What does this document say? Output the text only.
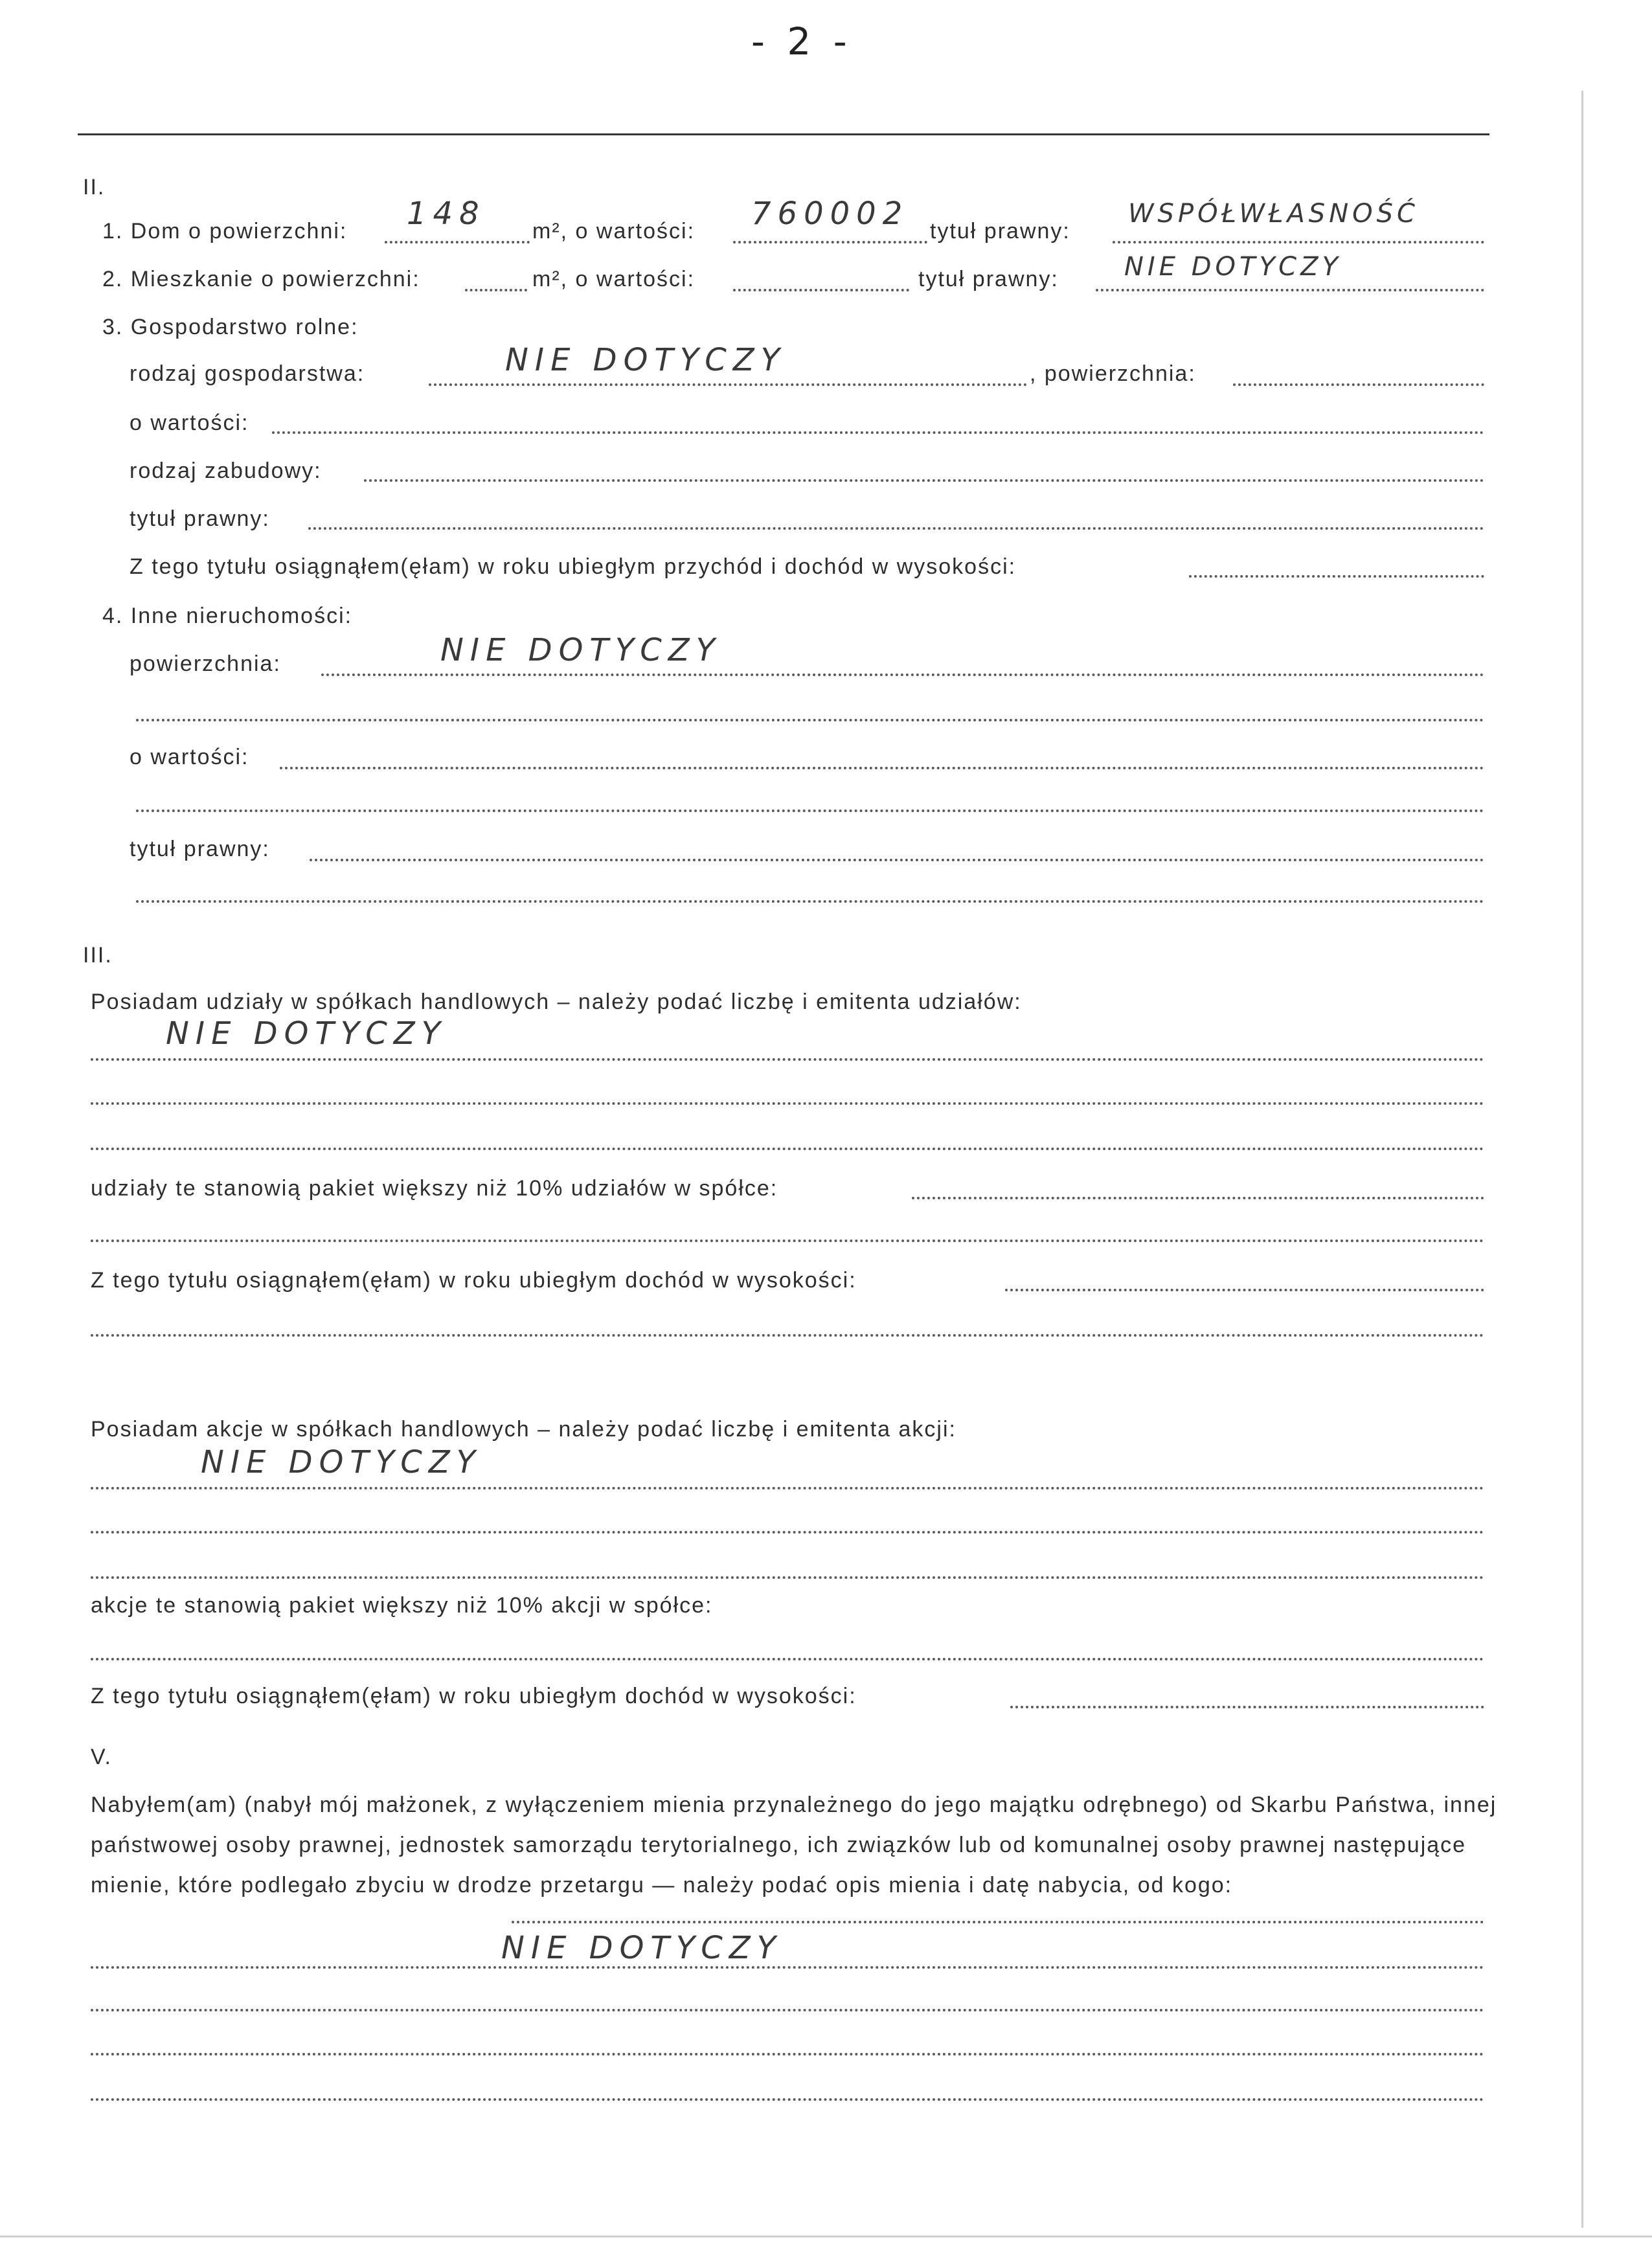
- 2 -
II.
1. Dom o powierzchni: 148 m², o wartości: 760002 tytuł prawny:
WSPÓŁWŁASNOŚĆ
2. Mieszkanie o powierzchni:	m², o wartości:	tytuł prawny:	NIE DOTYCZY
3. Gospodarstwo rolne:
rodzaj gospodarstwa:	NIE DOTYCZY	, powierzchnia:
o wartości:
rodzaj zabudowy:
tytuł prawny:
Z tego tytułu osiągnąłem(ęłam) w roku ubiegłym przychód i dochód w wysokości:
4. Inne nieruchomości:
powierzchnia:	NIE DOTYCZY
o wartości:
tytuł prawny:
III.
Posiadam udziały w spółkach handlowych – należy podać liczbę i emitenta udziałów:
NIE DOTYCZY
udziały te stanowią pakiet większy niż 10% udziałów w spółce:
Z tego tytułu osiągnąłem(ęłam) w roku ubiegłym dochód w wysokości:
Posiadam akcje w spółkach handlowych – należy podać liczbę i emitenta akcji:
NIE DOTYCZY
akcje te stanowią pakiet większy niż 10% akcji w spółce:
Z tego tytułu osiągnąłem(ęłam) w roku ubiegłym dochód w wysokości:
V.
Nabyłem(am) (nabył mój małżonek, z wyłączeniem mienia przynależnego do jego majątku odrębnego) od Skarbu Państwa, innej państwowej osoby prawnej, jednostek samorządu terytorialnego, ich związków lub od komunalnej osoby prawnej następujące mienie, które podlegało zbyciu w drodze przetargu — należy podać opis mienia i datę nabycia, od kogo:
NIE DOTYCZY
